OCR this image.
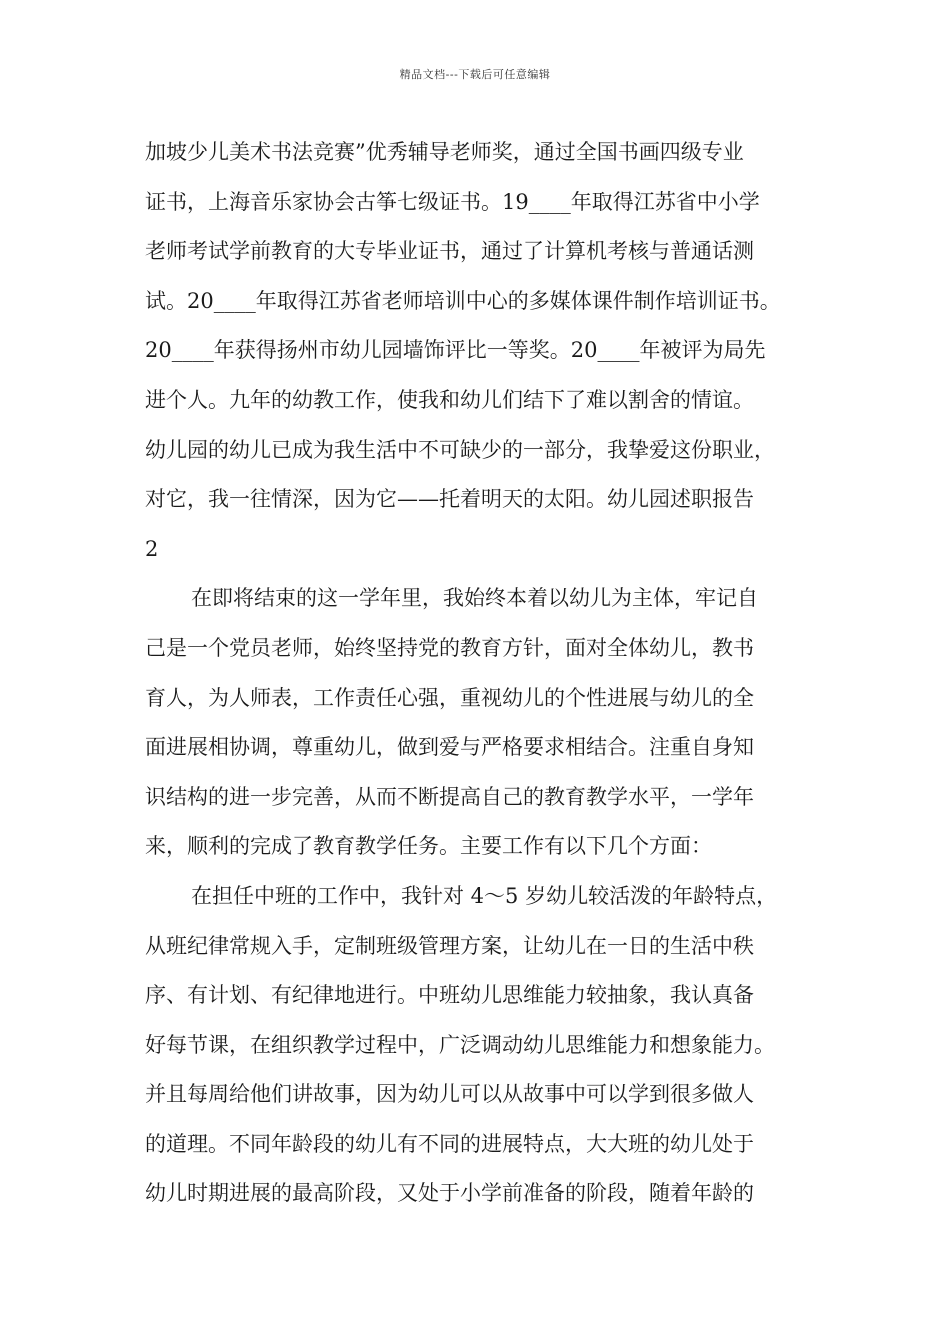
精品文档---下载后可任意编辑
加坡少儿美术书法竞赛”优秀辅导老师奖，通过全国书画四级专业
证书，上海音乐家协会古筝七级证书。19____年取得江苏省中小学
老师考试学前教育的大专毕业证书，通过了计算机考核与普通话测
试。20____年取得江苏省老师培训中心的多媒体课件制作培训证书。
20____年获得扬州市幼儿园墙饰评比一等奖。20____年被评为局先
进个人。九年的幼教工作，使我和幼儿们结下了难以割舍的情谊。
幼儿园的幼儿已成为我生活中不可缺少的一部分，我挚爱这份职业，
对它，我一往情深，因为它——托着明天的太阳。幼儿园述职报告
2
在即将结束的这一学年里，我始终本着以幼儿为主体，牢记自
己是一个党员老师，始终坚持党的教育方针，面对全体幼儿，教书
育人，为人师表，工作责任心强，重视幼儿的个性进展与幼儿的全
面进展相协调，尊重幼儿，做到爱与严格要求相结合。注重自身知
识结构的进一步完善，从而不断提高自己的教育教学水平，一学年
来，顺利的完成了教育教学任务。主要工作有以下几个方面：
在担任中班的工作中，我针对 4～5 岁幼儿较活泼的年龄特点，
从班纪律常规入手，定制班级管理方案，让幼儿在一日的生活中秩
序、有计划、有纪律地进行。中班幼儿思维能力较抽象，我认真备
好每节课，在组织教学过程中，广泛调动幼儿思维能力和想象能力。
并且每周给他们讲故事，因为幼儿可以从故事中可以学到很多做人
的道理。不同年龄段的幼儿有不同的进展特点，大大班的幼儿处于
幼儿时期进展的最高阶段，又处于小学前准备的阶段，随着年龄的
